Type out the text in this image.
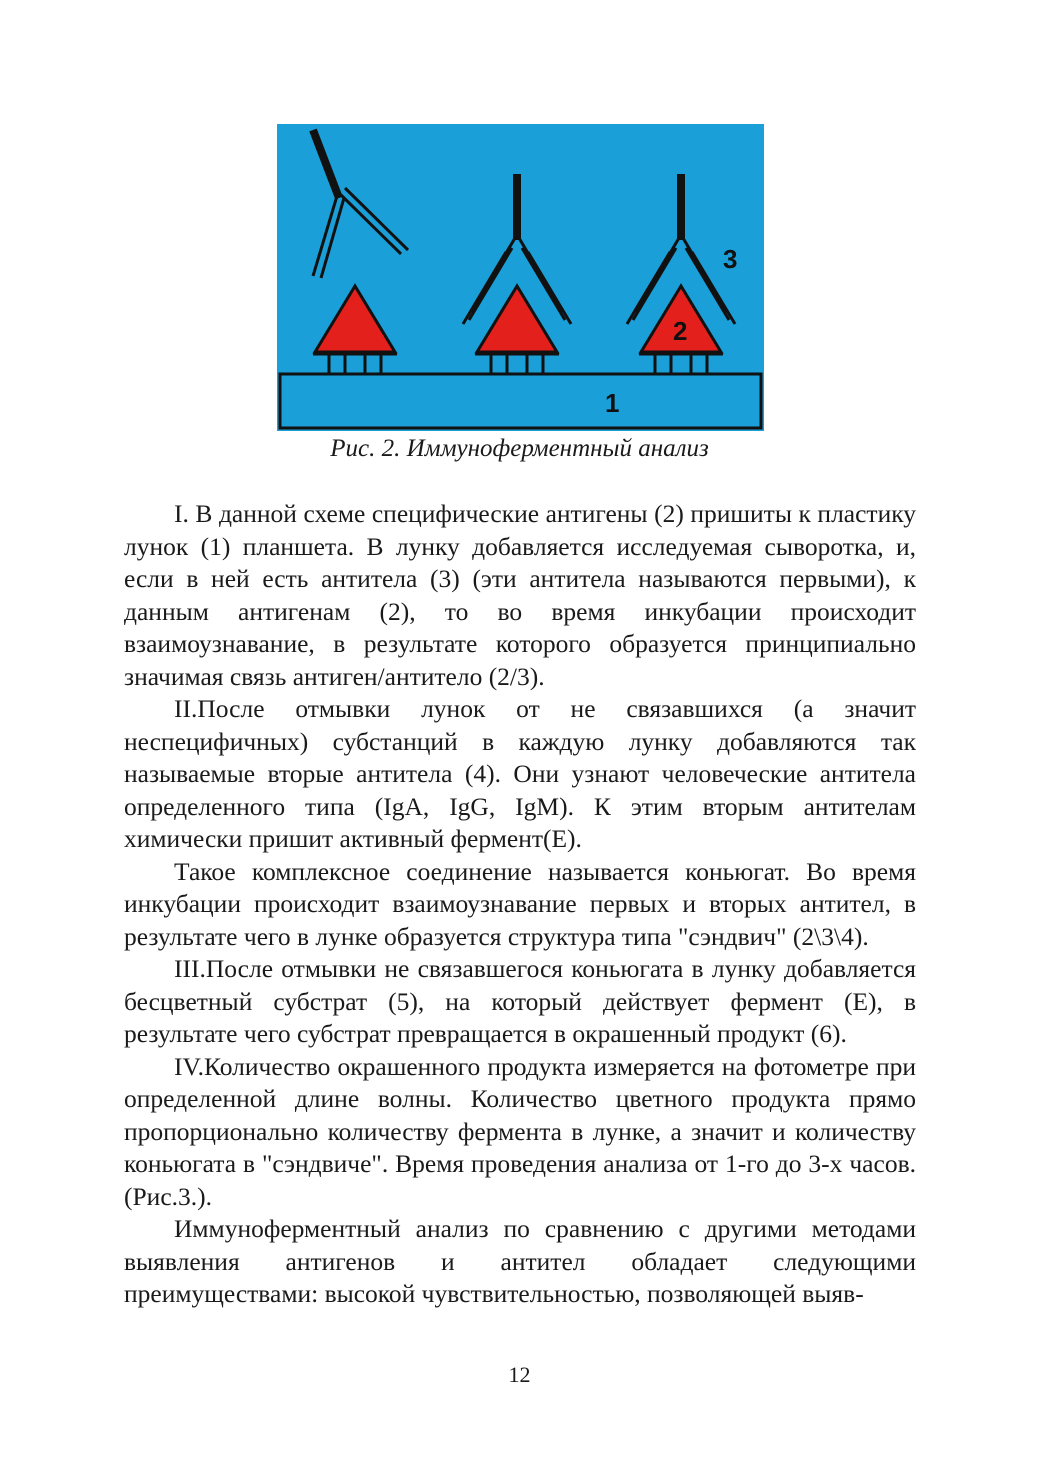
1
2
3

Рис. 2. Иммуноферментный анализ

I. В данной схеме специфические антигены (2) пришиты к пластику лунок (1) планшета. В лунку добавляется исследуемая сыворотка, и, если в ней есть антитела (3) (эти антитела называются первыми), к данным антигенам (2), то во время инкубации происходит взаимоузнавание, в результате которого образуется принципиально значимая связь антиген/антитело (2/3).

II.После отмывки лунок от не связавшихся (а значит неспецифичных) субстанций в каждую лунку добавляются так называемые вторые антитела (4). Они узнают человеческие антитела определенного типа (IgA, IgG, IgM). К этим вторым антителам химически пришит активный фермент(Е).

Такое комплексное соединение называется коньюгат. Во время инкубации происходит взаимоузнавание первых и вторых антител, в результате чего в лунке образуется структура типа "сэндвич" (2\3\4).

III.После отмывки не связавшегося коньюгата в лунку добавляется бесцветный субстрат (5), на который действует фермент (Е), в результате чего субстрат превращается в окрашенный продукт (6).

IV.Количество окрашенного продукта измеряется на фотометре при определенной длине волны. Количество цветного продукта прямо пропорционально количеству фермента в лунке, а значит и количеству коньюгата в "сэндвиче". Время проведения анализа от 1-го до 3-х часов. (Рис.3.).

Иммуноферментный анализ по сравнению с другими методами выявления антигенов и антител обладает следующими преимуществами: высокой чувствительностью, позволяющей выяв-

12
